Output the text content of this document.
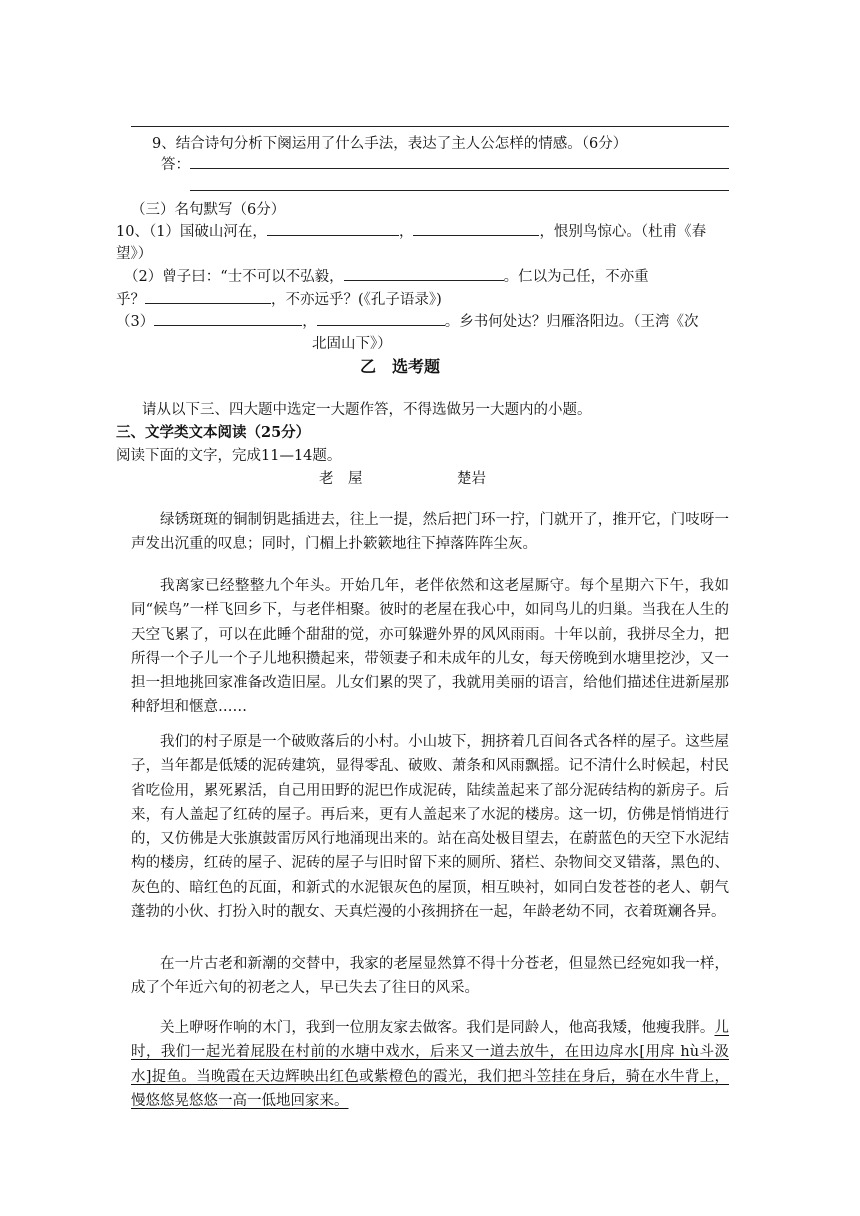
9、结合诗句分析下阕运用了什么手法，表达了主人公怎样的情感。（6分）
答：
（三）名句默写（6分）
10、（1）国破山河在，	，	，恨别鸟惊心。（杜甫《春
望》）
（2）曾子曰：“士不可以不弘毅，	。仁以为己任，不亦重
乎？	，不亦远乎？(《孔子语录》)
（3）	，	。乡书何处达？归雁洛阳边。（王湾《次
北固山下》）
乙　选考题
请从以下三、四大题中选定一大题作答，不得选做另一大题内的小题。
三、文学类文本阅读（25分）
阅读下面的文字，完成11—14题。
老　屋	楚岩
绿锈斑斑的铜制钥匙插进去，往上一提，然后把门环一拧，门就开了，推开它，门吱呀一声发出沉重的叹息；同时，门楣上扑簌簌地往下掉落阵阵尘灰。
我离家已经整整九个年头。开始几年，老伴依然和这老屋厮守。每个星期六下午，我如同“候鸟”一样飞回乡下，与老伴相聚。彼时的老屋在我心中，如同鸟儿的归巢。当我在人生的天空飞累了，可以在此睡个甜甜的觉，亦可躲避外界的风风雨雨。十年以前，我拼尽全力，把所得一个子儿一个子儿地积攒起来，带领妻子和未成年的儿女，每天傍晚到水塘里挖沙，又一担一担地挑回家准备改造旧屋。儿女们累的哭了，我就用美丽的语言，给他们描述住进新屋那种舒坦和惬意……
我们的村子原是一个破败落后的小村。小山坡下，拥挤着几百间各式各样的屋子。这些屋子，当年都是低矮的泥砖建筑，显得零乱、破败、萧条和风雨飘摇。记不清什么时候起，村民省吃俭用，累死累活，自己用田野的泥巴作成泥砖，陆续盖起来了部分泥砖结构的新房子。后来，有人盖起了红砖的屋子。再后来，更有人盖起来了水泥的楼房。这一切，仿佛是悄悄进行的，又仿佛是大张旗鼓雷厉风行地涌现出来的。站在高处极目望去，在蔚蓝色的天空下水泥结构的楼房，红砖的屋子、泥砖的屋子与旧时留下来的厕所、猪栏、杂物间交叉错落，黑色的、灰色的、暗红色的瓦面，和新式的水泥银灰色的屋顶，相互映衬，如同白发苍苍的老人、朝气蓬勃的小伙、打扮入时的靓女、天真烂漫的小孩拥挤在一起，年龄老幼不同，衣着斑斓各异。
在一片古老和新潮的交替中，我家的老屋显然算不得十分苍老，但显然已经宛如我一样，成了个年近六旬的初老之人，早已失去了往日的风采。
关上咿呀作响的木门，我到一位朋友家去做客。我们是同龄人，他高我矮，他瘦我胖。儿时，我们一起光着屁股在村前的水塘中戏水，后来又一道去放牛，在田边戽水[用戽 hù斗汲水]捉鱼。当晚霞在天边辉映出红色或紫橙色的霞光，我们把斗笠挂在身后，骑在水牛背上，慢悠悠晃悠悠一高一低地回家来。
